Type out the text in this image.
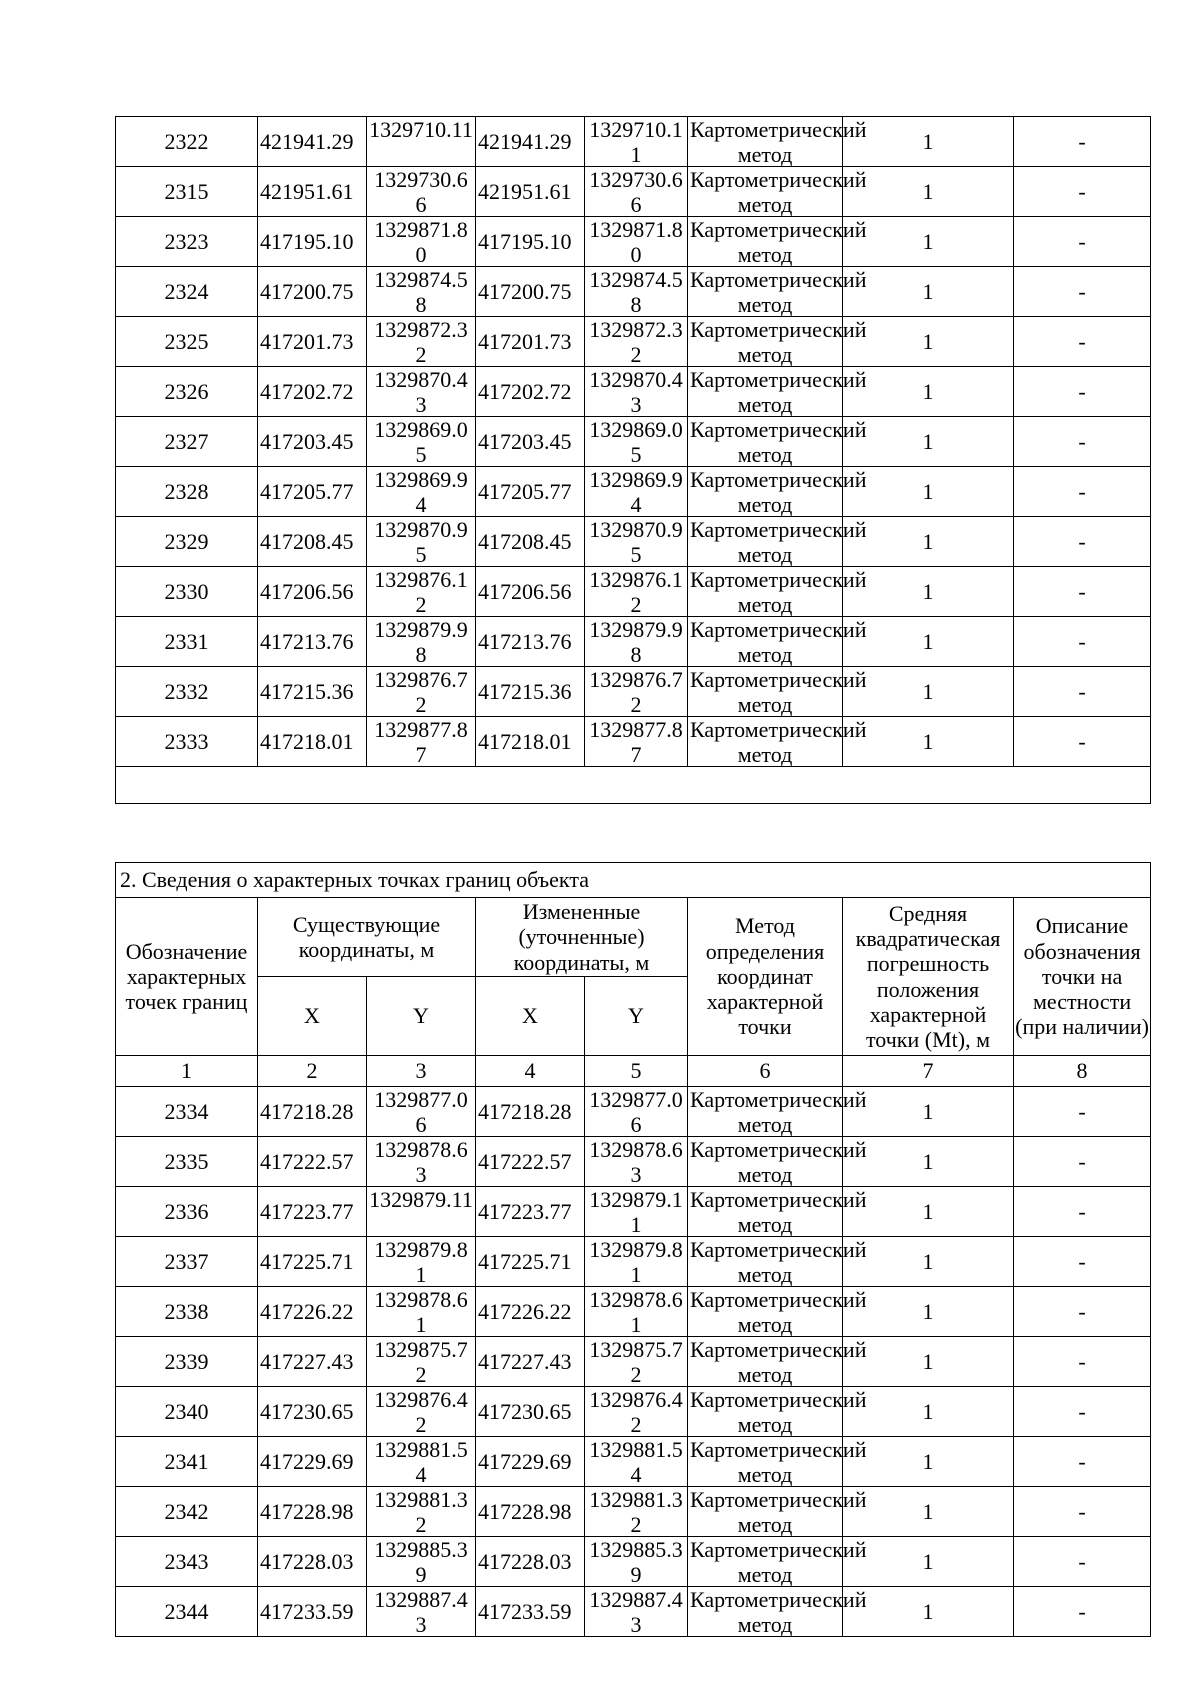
2322	421941.29	1329710.11	421941.29	1329710.11	Картометрический метод	1	-
2315	421951.61	1329730.66	421951.61	1329730.66	Картометрический метод	1	-
2323	417195.10	1329871.80	417195.10	1329871.80	Картометрический метод	1	-
2324	417200.75	1329874.58	417200.75	1329874.58	Картометрический метод	1	-
2325	417201.73	1329872.32	417201.73	1329872.32	Картометрический метод	1	-
2326	417202.72	1329870.43	417202.72	1329870.43	Картометрический метод	1	-
2327	417203.45	1329869.05	417203.45	1329869.05	Картометрический метод	1	-
2328	417205.77	1329869.94	417205.77	1329869.94	Картометрический метод	1	-
2329	417208.45	1329870.95	417208.45	1329870.95	Картометрический метод	1	-
2330	417206.56	1329876.12	417206.56	1329876.12	Картометрический метод	1	-
2331	417213.76	1329879.98	417213.76	1329879.98	Картометрический метод	1	-
2332	417215.36	1329876.72	417215.36	1329876.72	Картометрический метод	1	-
2333	417218.01	1329877.87	417218.01	1329877.87	Картометрический метод	1	-

2. Сведения о характерных точках границ объекта							
Обозначение характерных точек границ	Существующие координаты, м		Измененные (уточненные) координаты, м		Метод определения координат характерной точки	Средняя квадратическая погрешность положения характерной точки (Mt), м	Описание обозначения точки на местности (при наличии)
	X	Y	X	Y			
1	2	3	4	5	6	7	8
2334	417218.28	1329877.06	417218.28	1329877.06	Картометрический метод	1	-
2335	417222.57	1329878.63	417222.57	1329878.63	Картометрический метод	1	-
2336	417223.77	1329879.11	417223.77	1329879.11	Картометрический метод	1	-
2337	417225.71	1329879.81	417225.71	1329879.81	Картометрический метод	1	-
2338	417226.22	1329878.61	417226.22	1329878.61	Картометрический метод	1	-
2339	417227.43	1329875.72	417227.43	1329875.72	Картометрический метод	1	-
2340	417230.65	1329876.42	417230.65	1329876.42	Картометрический метод	1	-
2341	417229.69	1329881.54	417229.69	1329881.54	Картометрический метод	1	-
2342	417228.98	1329881.32	417228.98	1329881.32	Картометрический метод	1	-
2343	417228.03	1329885.39	417228.03	1329885.39	Картометрический метод	1	-
2344	417233.59	1329887.43	417233.59	1329887.43	Картометрический метод	1	-
